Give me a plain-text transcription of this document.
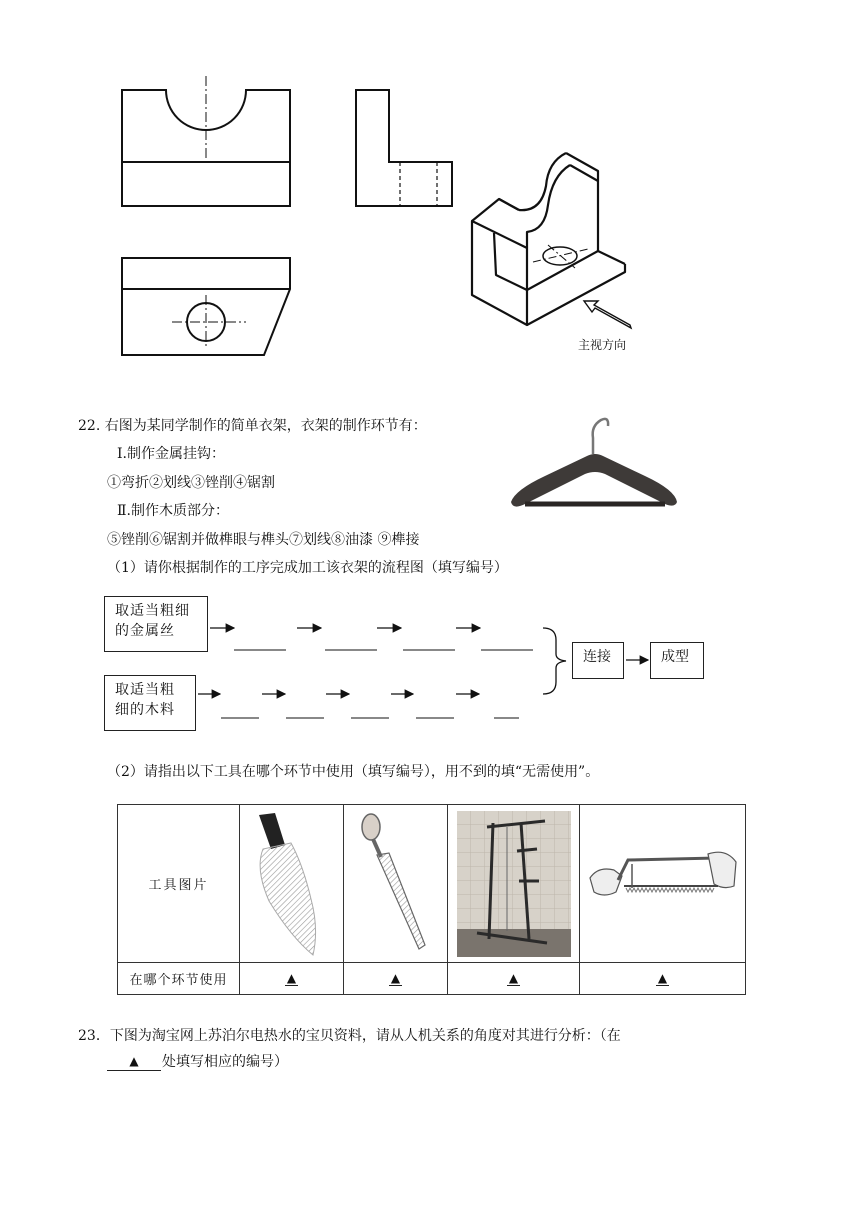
主视方向
22. 右图为某同学制作的简单衣架，衣架的制作环节有：
Ⅰ.制作金属挂钩：
①弯折②划线③锉削④锯割
Ⅱ.制作木质部分：
⑤锉削⑥锯割并做榫眼与榫头⑦划线⑧油漆 ⑨榫接
（1）请你根据制作的工序完成加工该衣架的流程图（填写编号）
取适当粗细的金属丝
取适当粗细的木料
连接	成型
（2）请指出以下工具在哪个环节中使用（填写编号），用不到的填“无需使用”。
工具图片	

在哪个环节使用	▲	▲	▲	▲
23．下图为淘宝网上苏泊尔电热水的宝贝资料，请从人机关系的角度对其进行分析：（在
▲	处填写相应的编号）
